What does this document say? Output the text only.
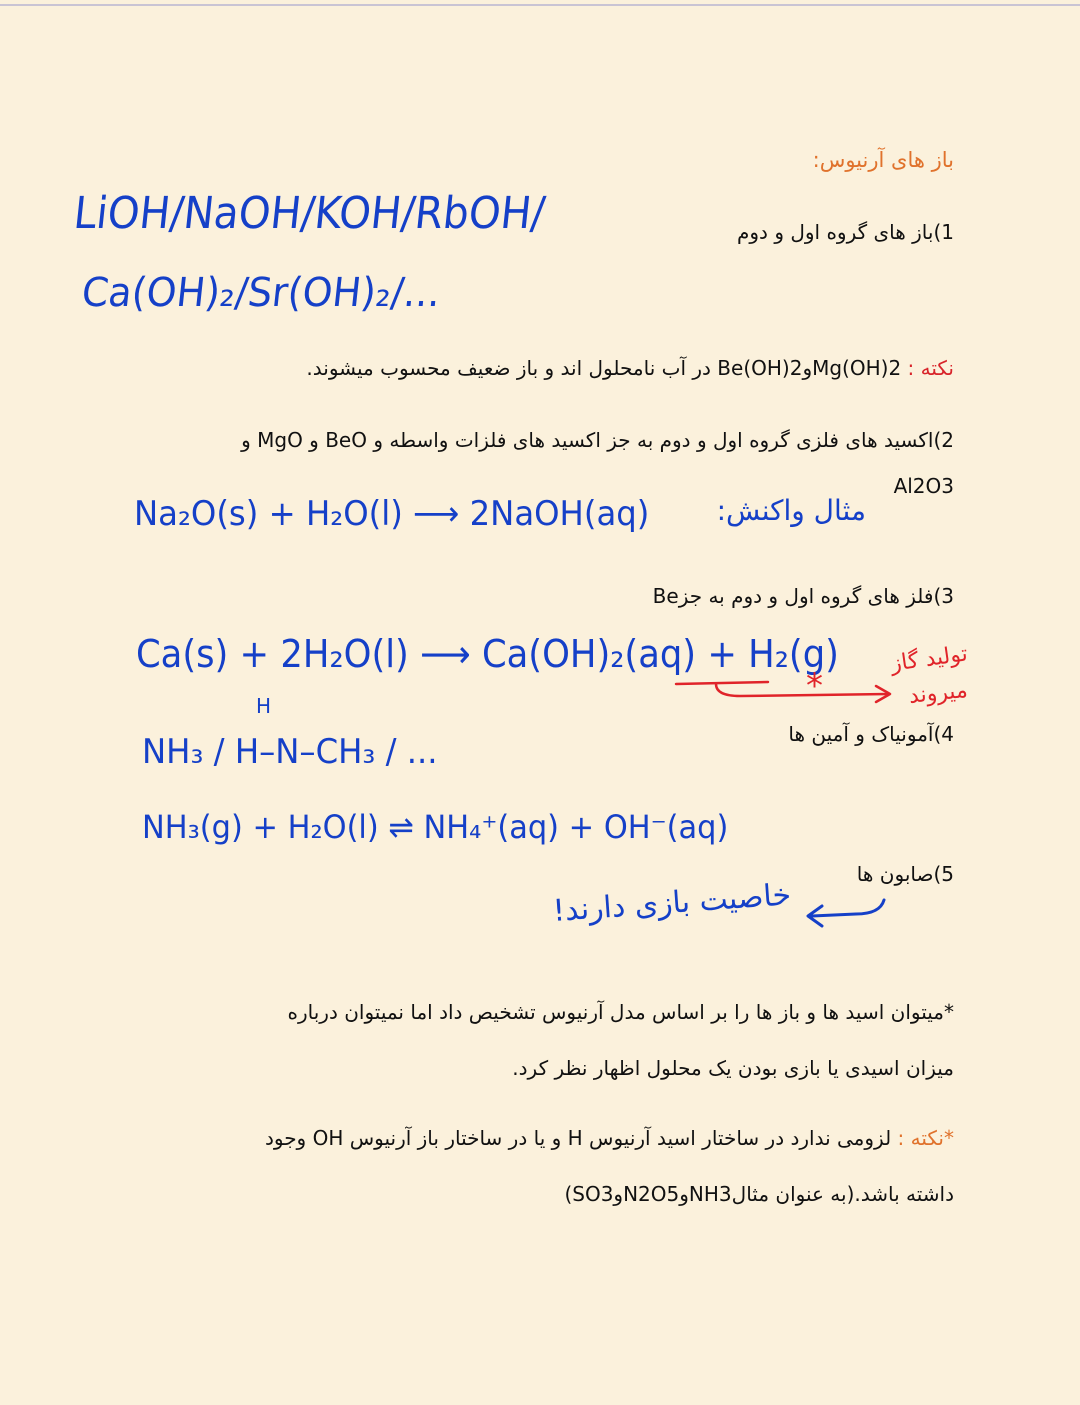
باز های آرنیوس:
1)باز های گروه اول و دوم
LiOH/NaOH/KOH/RbOH/
Ca(OH)₂/Sr(OH)₂/...
نکته : Mg(OH)2وBe(OH)2 در آب نامحلول اند و باز ضعیف محسوب میشوند.
2)اکسید های فلزی گروه اول و دوم به جز اکسید های فلزات واسطه و BeO و MgO و
Al2O3
مثال واکنش:
Na₂O(s) + H₂O(l) ⟶ 2NaOH(aq)
3)فلز های گروه اول و دوم به جزBe
Ca(s) + 2H₂O(l) ⟶ Ca(OH)₂(aq) + H₂(g) تولید گاز
میروند
*
4)آمونیاک و آمین ها
H
NH₃ / H–N–CH₃ / ...
NH₃(g) + H₂O(l) ⇌ NH₄⁺(aq) + OH⁻(aq)
5)صابون ها
خاصیت بازی دارند!
*میتوان اسید ها و باز ها را بر اساس مدل آرنیوس تشخیص داد اما نمیتوان درباره
میزان اسیدی یا بازی بودن یک محلول اظهار نظر کرد.
*نکته : لزومی ندارد در ساختار اسید آرنیوس H و یا در ساختار باز آرنیوس OH وجود
داشته باشد.(به عنوان مثالNH3وN2O5وSO3)
